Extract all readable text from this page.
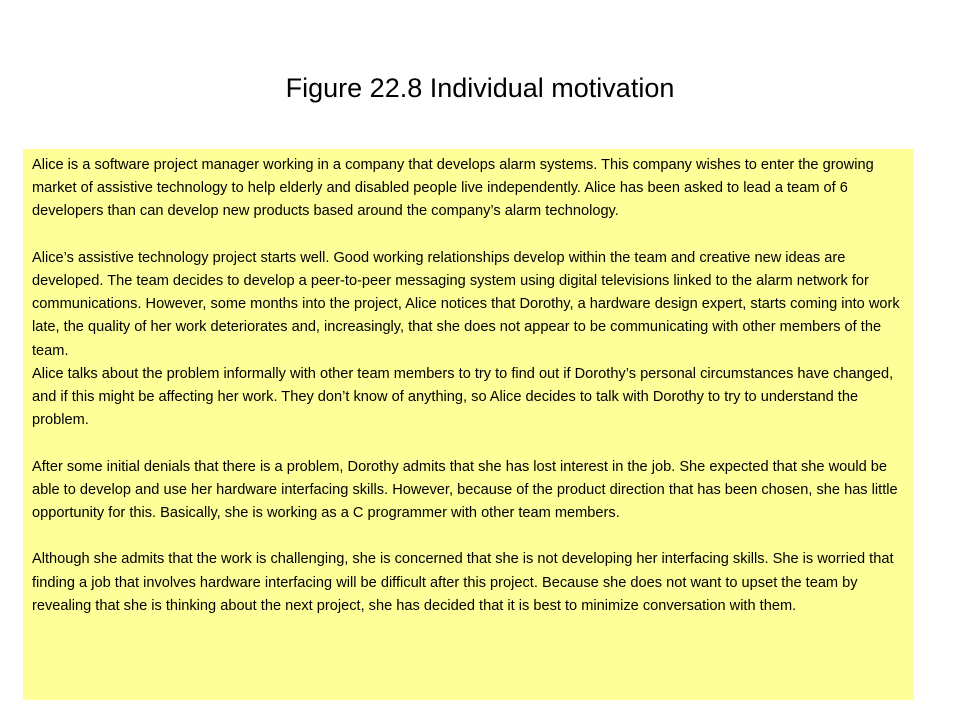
Figure 22.8 Individual motivation

Alice is a software project manager working in a company that develops alarm systems. This company wishes to enter the growing market of assistive technology to help elderly and disabled people live independently. Alice has been asked to lead a team of 6 developers than can develop new products based around the company’s alarm technology.

Alice’s assistive technology project starts well. Good working relationships develop within the team and creative new ideas are developed. The team decides to develop a peer-to-peer messaging system using digital televisions linked to the alarm network for communications. However, some months into the project, Alice notices that Dorothy, a hardware design expert, starts coming into work late, the quality of her work deteriorates and, increasingly, that she does not appear to be communicating with other members of the team.

Alice talks about the problem informally with other team members to try to find out if Dorothy’s personal circumstances have changed, and if this might be affecting her work. They don’t know of anything, so Alice decides to talk with Dorothy to try to understand the problem.

After some initial denials that there is a problem, Dorothy admits that she has lost interest in the job. She expected that she would be able to develop and use her hardware interfacing skills. However, because of the product direction that has been chosen, she has little opportunity for this. Basically, she is working as a C programmer with other team members.

Although she admits that the work is challenging, she is concerned that she is not developing her interfacing skills. She is worried that finding a job that involves hardware interfacing will be difficult after this project. Because she does not want to upset the team by revealing that she is thinking about the next project, she has decided that it is best to minimize conversation with them.
